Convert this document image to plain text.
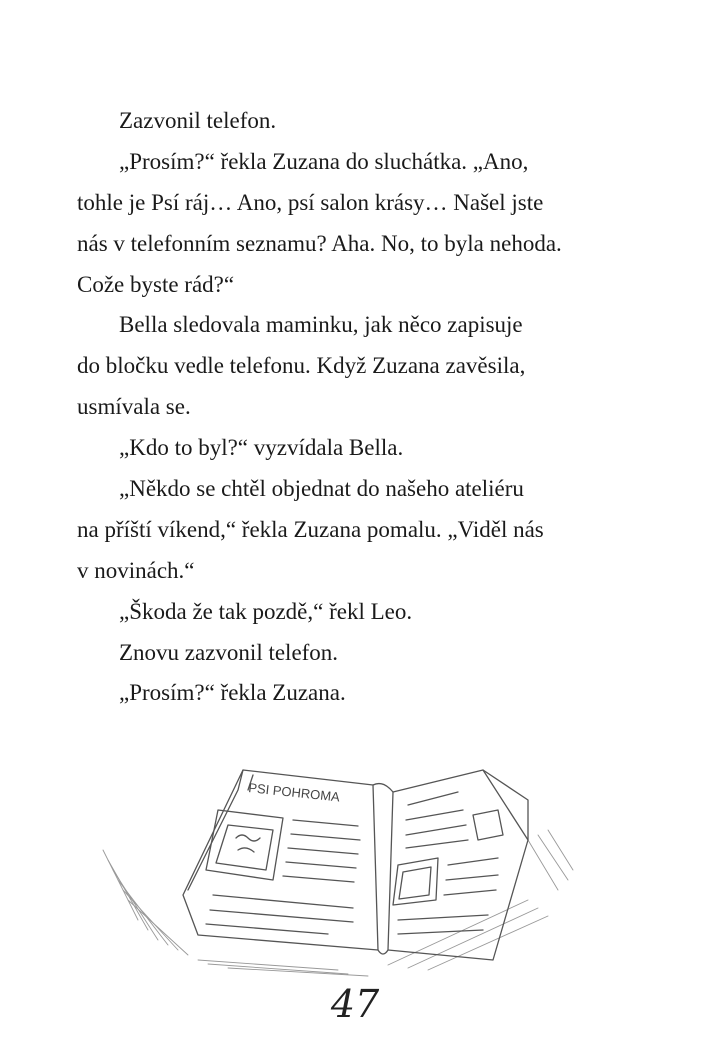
Zazvonil telefon.
„Prosím?“ řekla Zuzana do sluchátka. „Ano,
tohle je Psí ráj… Ano, psí salon krásy… Našel jste
nás v telefonním seznamu? Aha. No, to byla nehoda.
Cože byste rád?“
Bella sledovala maminku, jak něco zapisuje
do bločku vedle telefonu. Když Zuzana zavěsila,
usmívala se.
„Kdo to byl?“ vyzvídala Bella.
„Někdo se chtěl objednat do našeho ateliéru
na příští víkend,“ řekla Zuzana pomalu. „Viděl nás
v novinách.“
„Škoda že tak pozdě,“ řekl Leo.
Znovu zazvonil telefon.
„Prosím?“ řekla Zuzana.
PSI POHROMA
47
